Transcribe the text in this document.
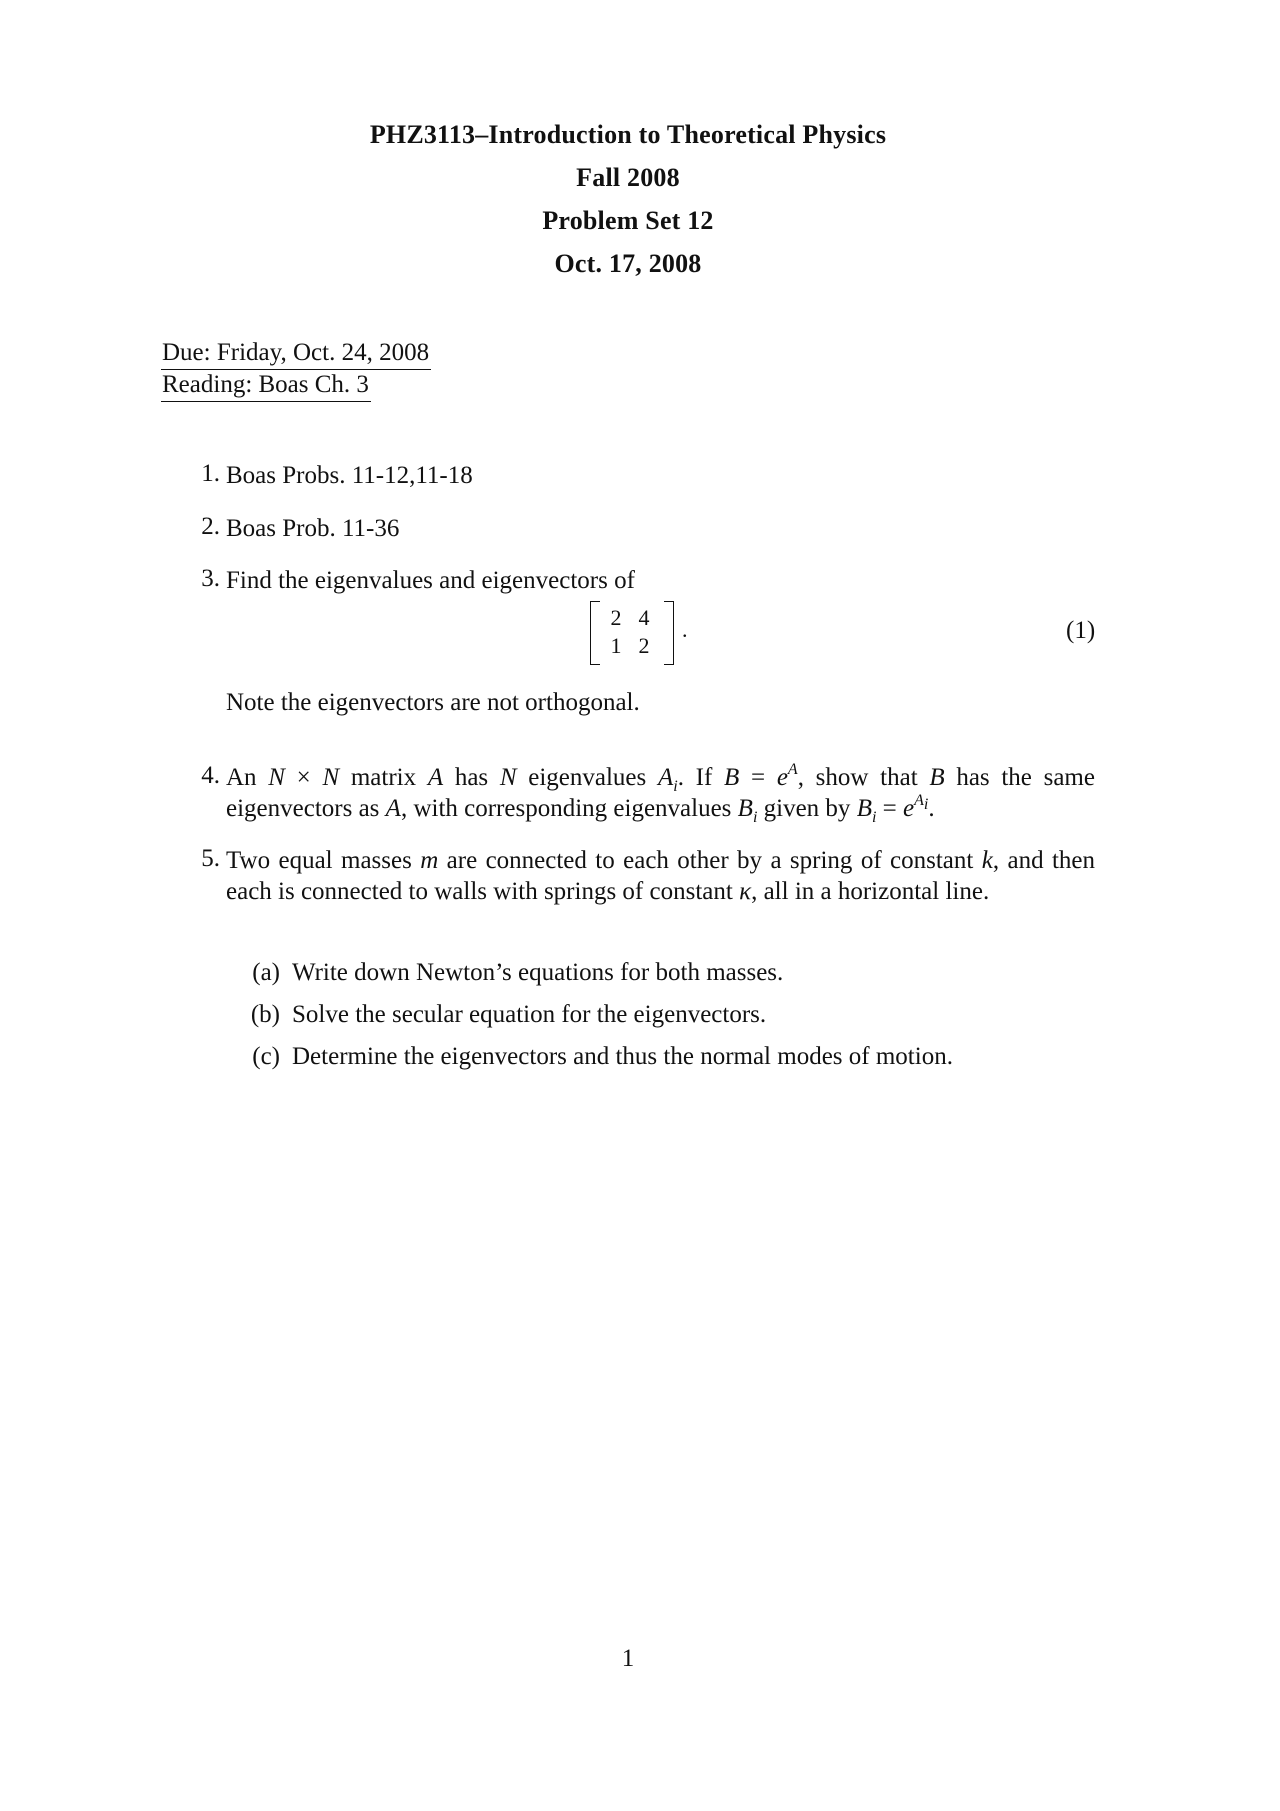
PHZ3113–Introduction to Theoretical Physics
Fall 2008
Problem Set 12
Oct. 17, 2008
Due: Friday, Oct. 24, 2008
Reading: Boas Ch. 3
1. Boas Probs. 11-12,11-18
2. Boas Prob. 11-36
3. Find the eigenvalues and eigenvectors of
2 4
1 2
.	(1)
Note the eigenvectors are not orthogonal.
4. An N × N matrix A has N eigenvalues $A_i$. If $B = e^A$, show that B has the same eigenvectors as A, with corresponding eigenvalues $B_i$ given by $B_i = e^{A_i}$.
5. Two equal masses m are connected to each other by a spring of constant k, and then each is connected to walls with springs of constant κ, all in a horizontal line.
(a) Write down Newton’s equations for both masses.
(b) Solve the secular equation for the eigenvectors.
(c) Determine the eigenvectors and thus the normal modes of motion.
1
